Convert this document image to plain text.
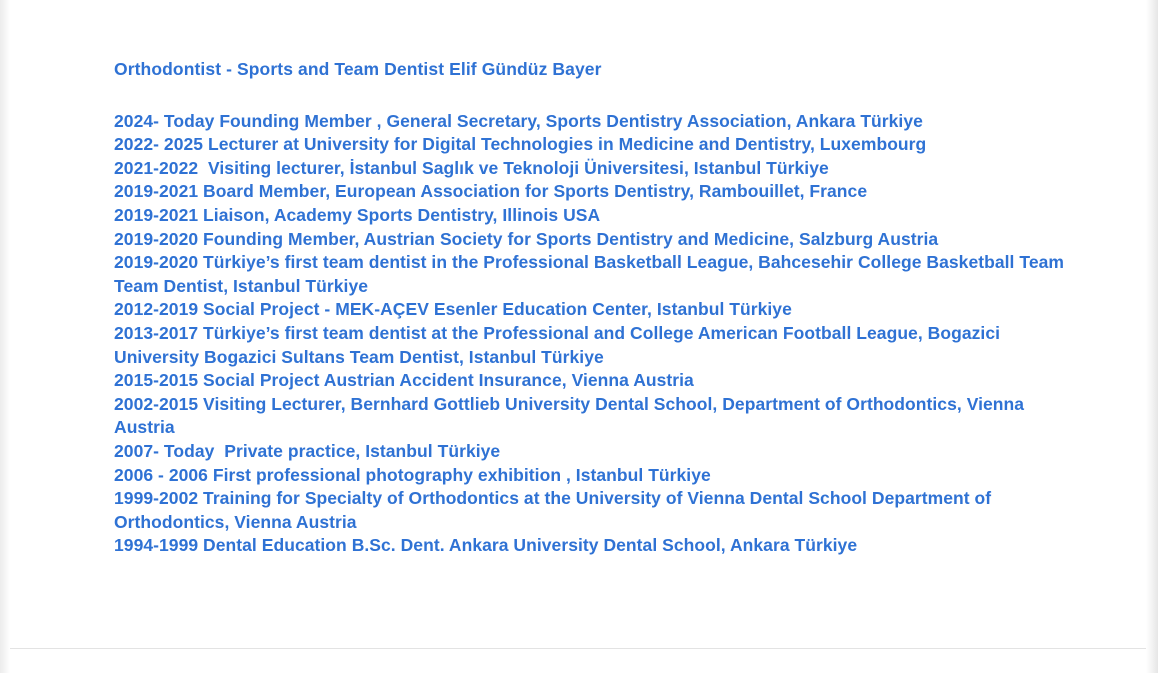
Orthodontist - Sports and Team Dentist Elif Gündüz Bayer
2024- Today Founding Member , General Secretary, Sports Dentistry Association, Ankara Türkiye
2022- 2025 Lecturer at University for Digital Technologies in Medicine and Dentistry, Luxembourg
2021-2022  Visiting lecturer, İstanbul Saglık ve Teknoloji Üniversitesi, Istanbul Türkiye
2019-2021 Board Member, European Association for Sports Dentistry, Rambouillet, France
2019-2021 Liaison, Academy Sports Dentistry, Illinois USA
2019-2020 Founding Member, Austrian Society for Sports Dentistry and Medicine, Salzburg Austria
2019-2020 Türkiye’s first team dentist in the Professional Basketball League, Bahcesehir College Basketball Team Team Dentist, Istanbul Türkiye
2012-2019 Social Project - MEK-AÇEV Esenler Education Center, Istanbul Türkiye
2013-2017 Türkiye’s first team dentist at the Professional and College American Football League, Bogazici University Bogazici Sultans Team Dentist, Istanbul Türkiye
2015-2015 Social Project Austrian Accident Insurance, Vienna Austria
2002-2015 Visiting Lecturer, Bernhard Gottlieb University Dental School, Department of Orthodontics, Vienna Austria
2007- Today  Private practice, Istanbul Türkiye
2006 - 2006 First professional photography exhibition , Istanbul Türkiye
1999-2002 Training for Specialty of Orthodontics at the University of Vienna Dental School Department of Orthodontics, Vienna Austria
1994-1999 Dental Education B.Sc. Dent. Ankara University Dental School, Ankara Türkiye
